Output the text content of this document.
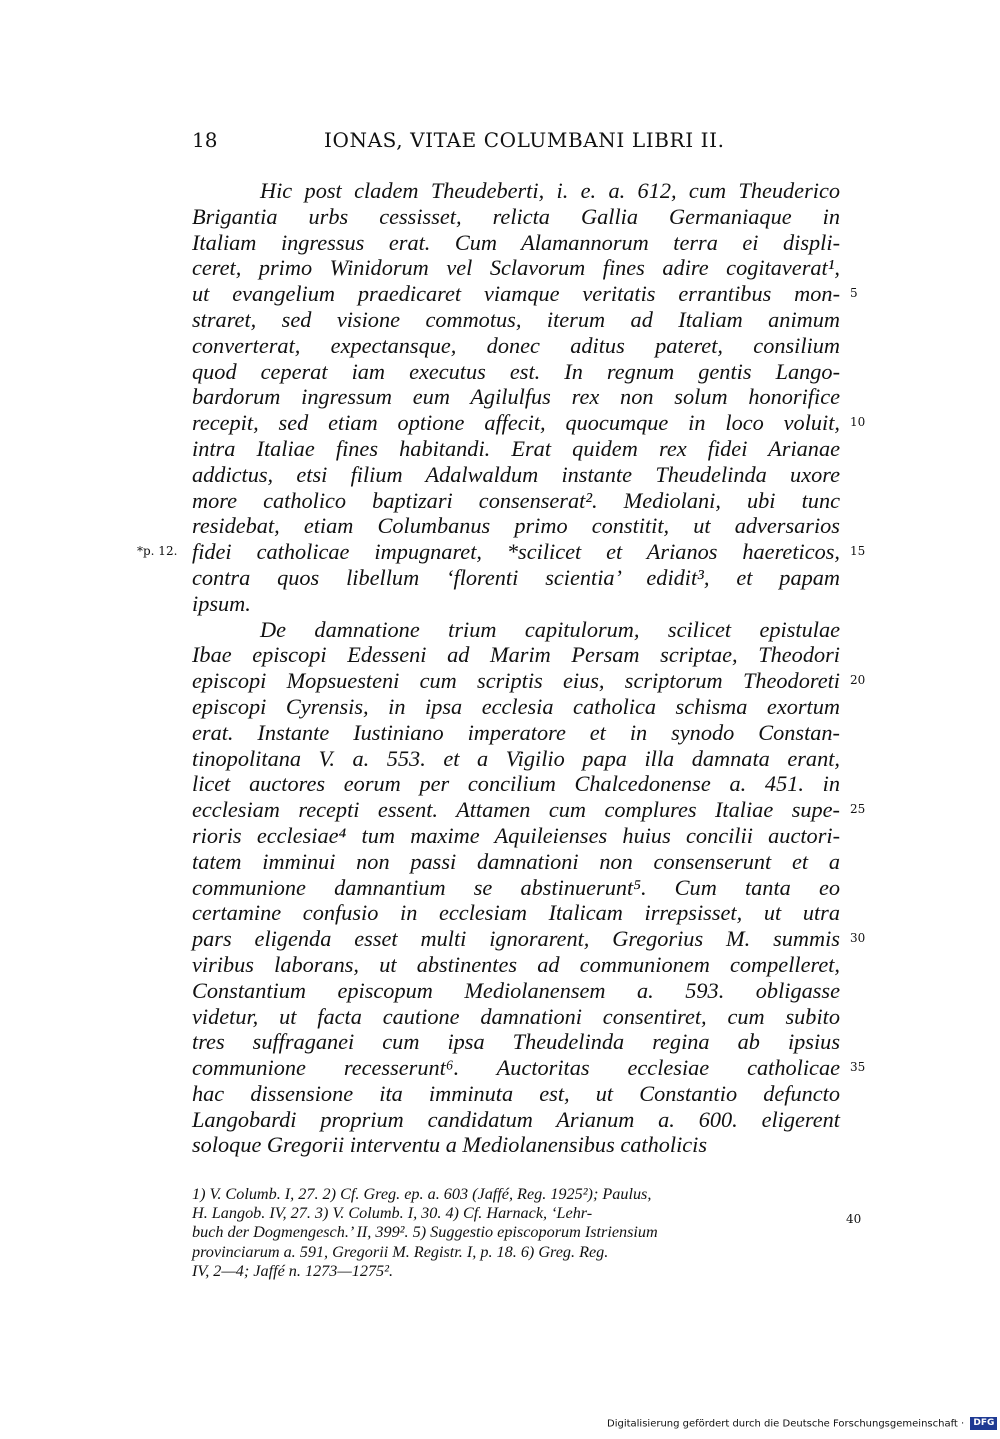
18	IONAS, VITAE COLUMBANI LIBRI II.
Hic post cladem Theudeberti, i. e. a. 612, cum Theuderico
Brigantia urbs cessisset, relicta Gallia Germaniaque in
Italiam ingressus erat. Cum Alamannorum terra ei displi-
ceret, primo Winidorum vel Sclavorum fines adire cogitaverat¹,
ut evangelium praedicaret viamque veritatis errantibus mon- 5
straret, sed visione commotus, iterum ad Italiam animum
converterat, expectansque, donec aditus pateret, consilium
quod ceperat iam executus est. In regnum gentis Lango-
bardorum ingressum eum Agilulfus rex non solum honorifice
recepit, sed etiam optione affecit, quocumque in loco voluit, 10
intra Italiae fines habitandi. Erat quidem rex fidei Arianae
addictus, etsi filium Adalwaldum instante Theudelinda uxore
more catholico baptizari consenserat². Mediolani, ubi tunc
residebat, etiam Columbanus primo constitit, ut adversarios
fidei catholicae impugnaret, *scilicet et Arianos haereticos, 15
*p. 12.
contra quos libellum ‘florenti scientia’ edidit³, et papam
ipsum.
De damnatione trium capitulorum, scilicet epistulae
Ibae episcopi Edesseni ad Marim Persam scriptae, Theodori
episcopi Mopsuesteni cum scriptis eius, scriptorum Theodoreti 20
episcopi Cyrensis, in ipsa ecclesia catholica schisma exortum
erat. Instante Iustiniano imperatore et in synodo Constan-
tinopolitana V. a. 553. et a Vigilio papa illa damnata erant,
licet auctores eorum per concilium Chalcedonense a. 451. in
ecclesiam recepti essent. Attamen cum complures Italiae supe- 25
rioris ecclesiae⁴ tum maxime Aquileienses huius concilii auctori-
tatem imminui non passi damnationi non consenserunt et a
communione damnantium se abstinuerunt⁵. Cum tanta eo
certamine confusio in ecclesiam Italicam irrepsisset, ut utra
pars eligenda esset multi ignorarent, Gregorius M. summis 30
viribus laborans, ut abstinentes ad communionem compelleret,
Constantium episcopum Mediolanensem a. 593. obligasse
videtur, ut facta cautione damnationi consentiret, cum subito
tres suffraganei cum ipsa Theudelinda regina ab ipsius
communione recesserunt⁶. Auctoritas ecclesiae catholicae 35
hac dissensione ita imminuta est, ut Constantio defuncto
Langobardi proprium candidatum Arianum a. 600. eligerent
soloque Gregorii interventu a Mediolanensibus catholicis
1) V. Columb. I, 27. 2) Cf. Greg. ep. a. 603 (Jaffé, Reg. 1925²); Paulus,
H. Langob. IV, 27. 3) V. Columb. I, 30. 4) Cf. Harnack, ‘Lehr-	40
buch der Dogmengesch.’ II, 399². 5) Suggestio episcoporum Istriensium
provinciarum a. 591, Gregorii M. Registr. I, p. 18. 6) Greg. Reg.
IV, 2—4; Jaffé n. 1273—1275².
Digitalisierung gefördert durch die Deutsche Forschungsgemeinschaft · DFG
